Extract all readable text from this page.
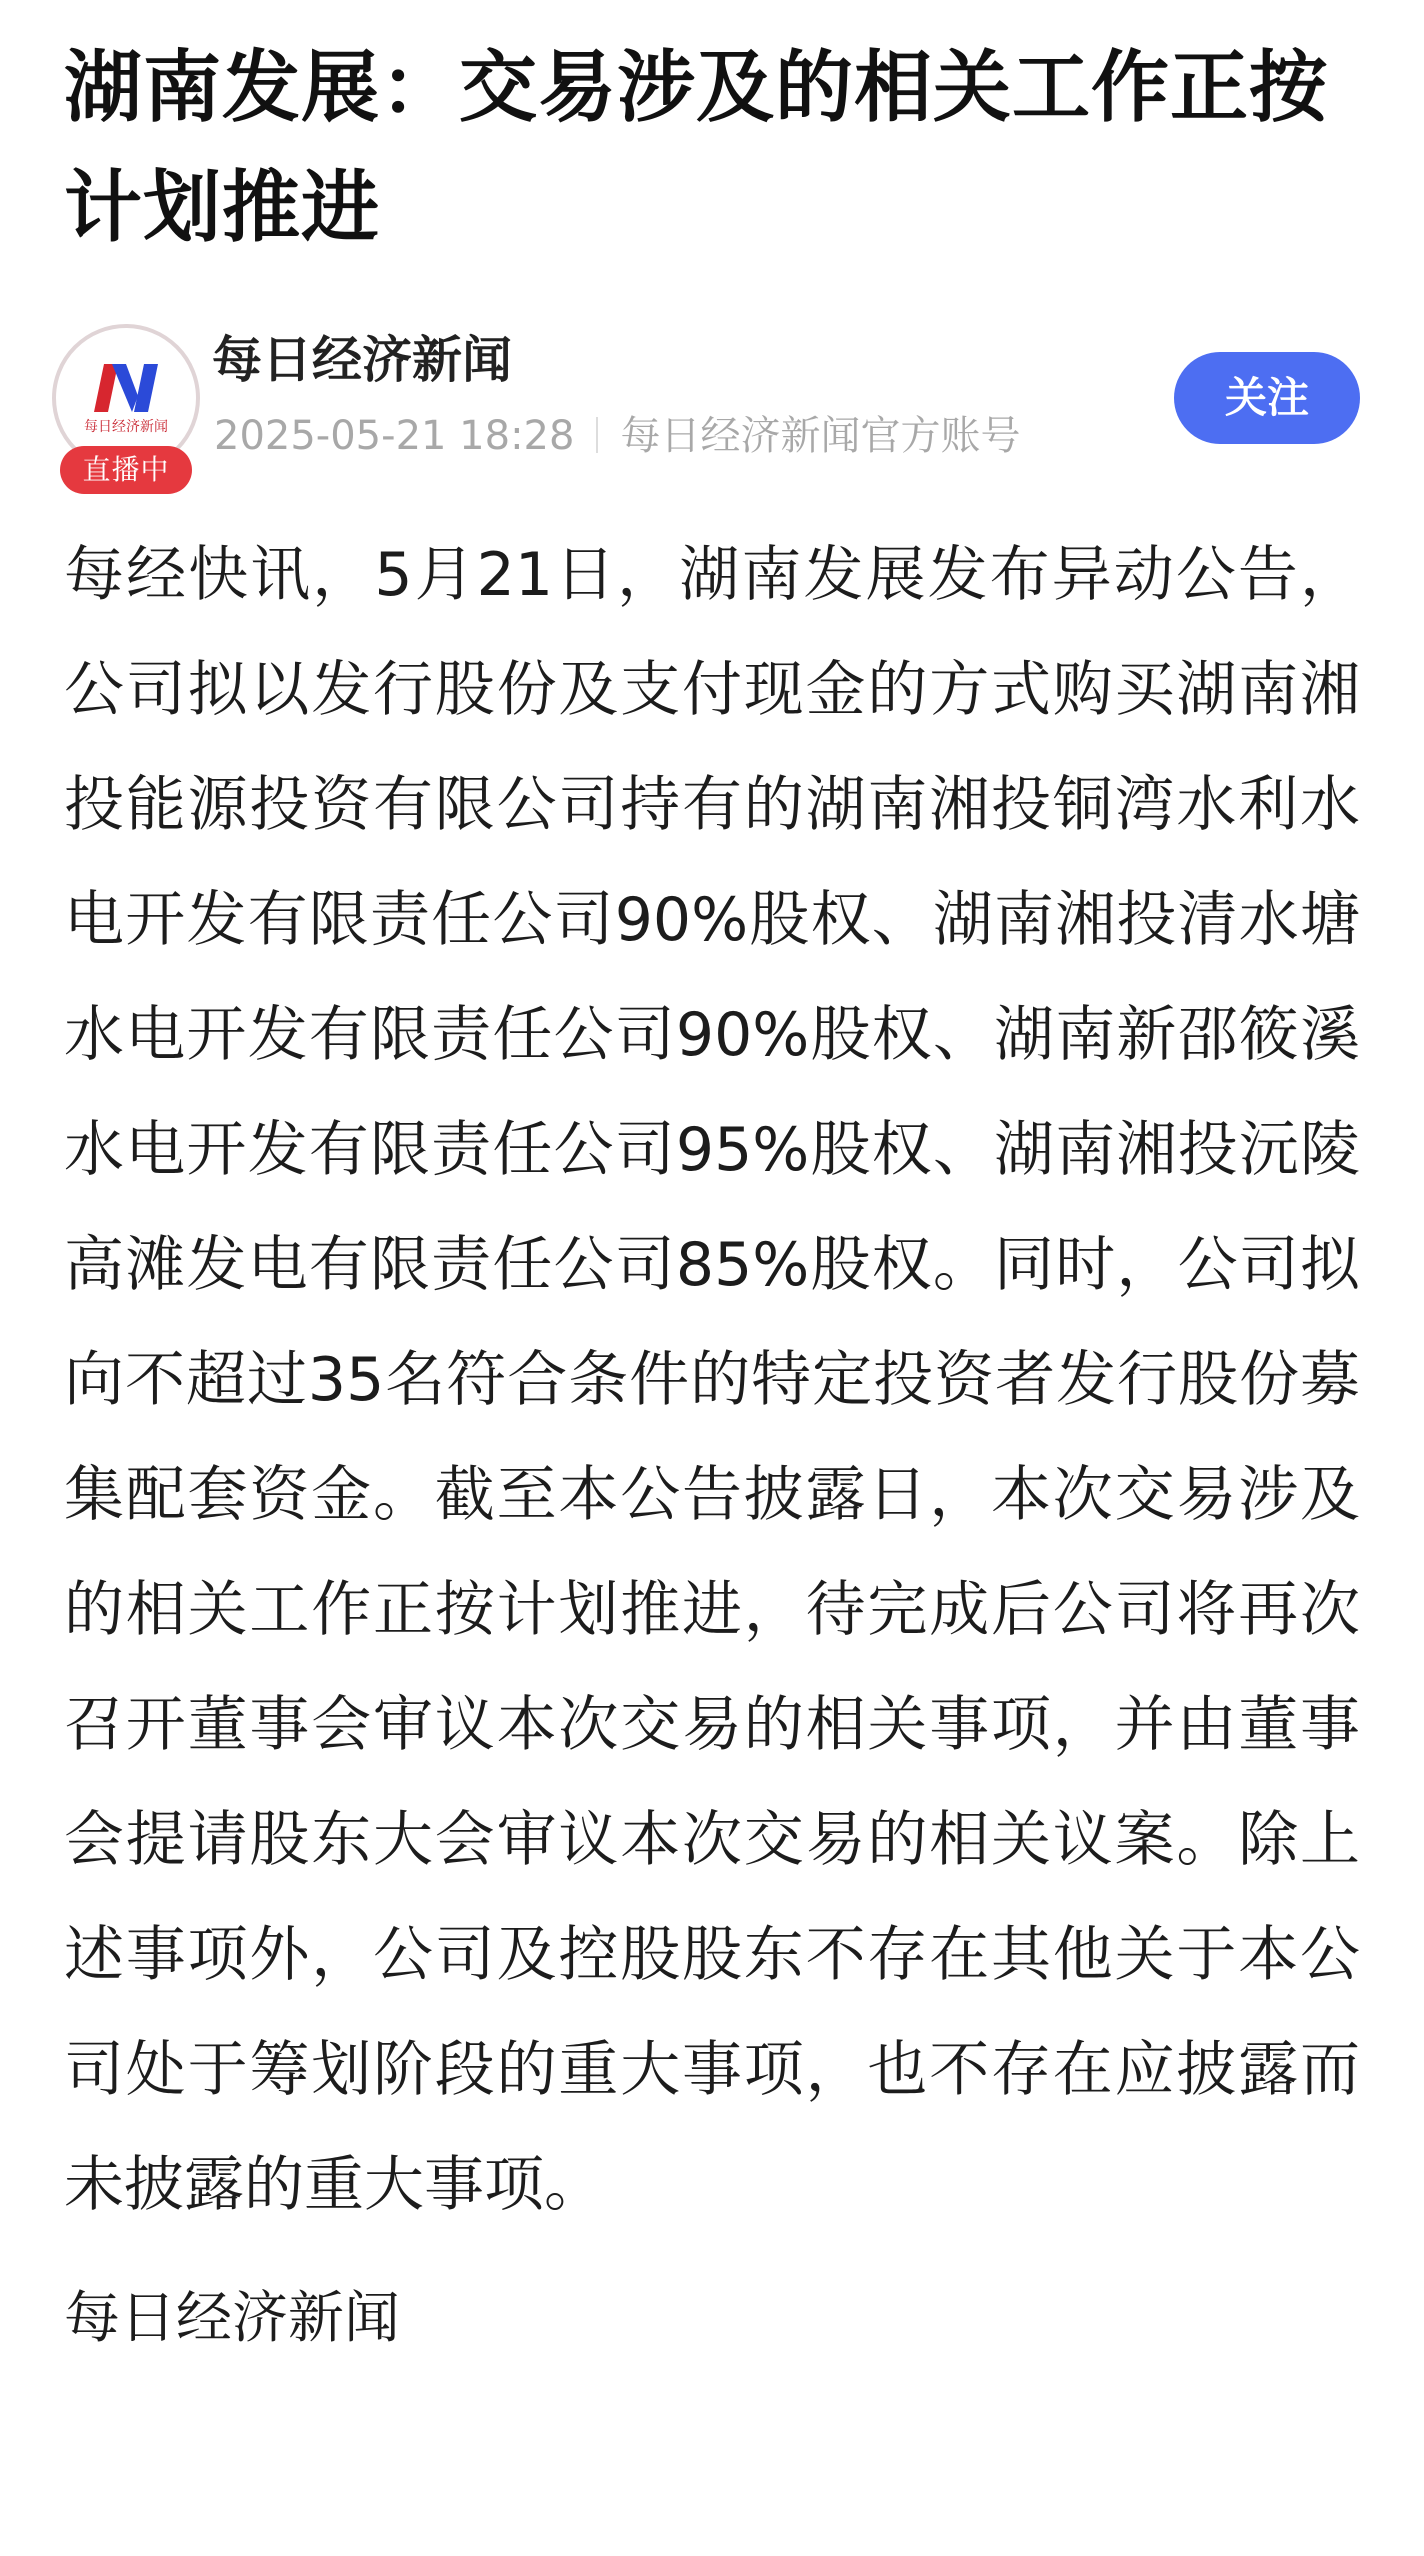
湖南发展：交易涉及的相关工作正按计划推进
每日经济新闻
直播中
每日经济新闻
2025-05-21 18:28 每日经济新闻官方账号
关注

每经快讯，5月21日，湖南发展发布异动公告，公司拟以发行股份及支付现金的方式购买湖南湘投能源投资有限公司持有的湖南湘投铜湾水利水电开发有限责任公司90%股权、湖南湘投清水塘水电开发有限责任公司90%股权、湖南新邵筱溪水电开发有限责任公司95%股权、湖南湘投沅陵高滩发电有限责任公司85%股权。同时，公司拟向不超过35名符合条件的特定投资者发行股份募集配套资金。截至本公告披露日，本次交易涉及的相关工作正按计划推进，待完成后公司将再次召开董事会审议本次交易的相关事项，并由董事会提请股东大会审议本次交易的相关议案。除上述事项外，公司及控股股东不存在其他关于本公司处于筹划阶段的重大事项，也不存在应披露而未披露的重大事项。

每日经济新闻
